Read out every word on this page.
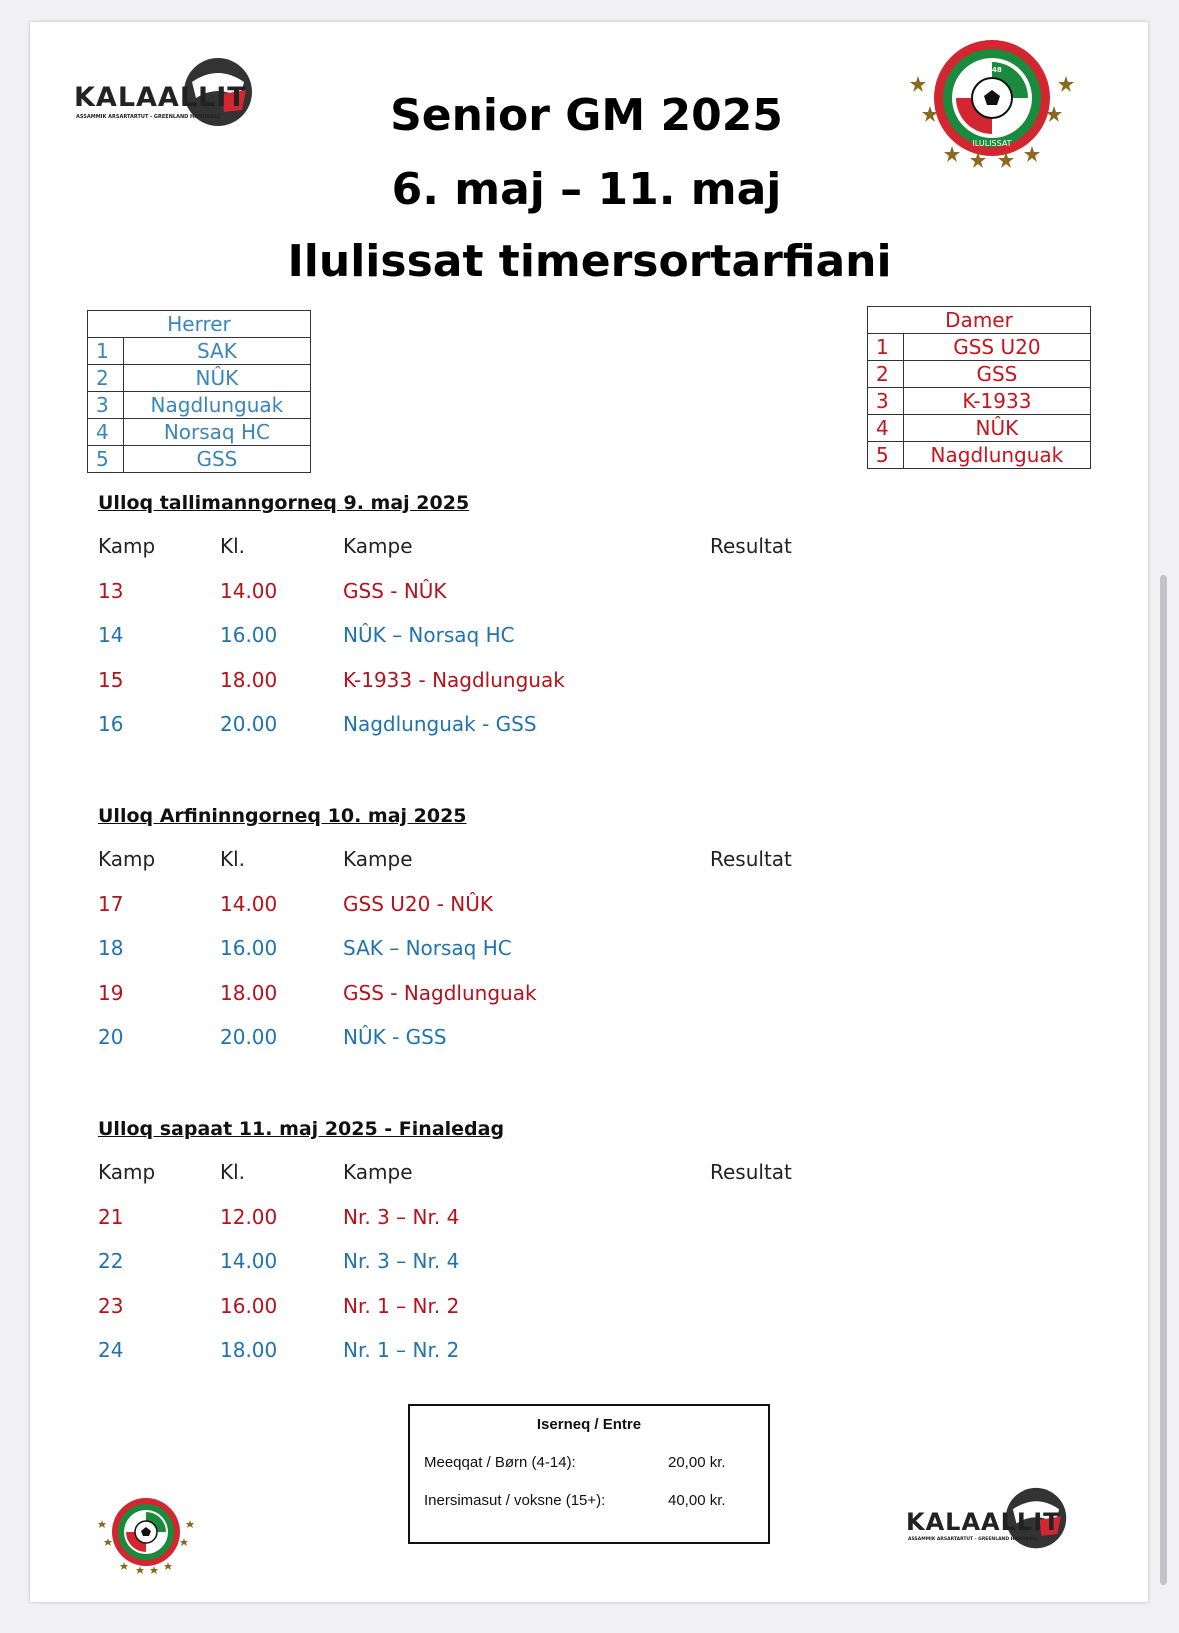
KALAALLIT
ASSAMMIK ARSARTARTUT - GREENLAND HANDBALL
1948
ILULISSAT
Senior GM 2025
6. maj – 11. maj
Ilulissat timersortarfiani
Herrer	
1	SAK
2	NÛK
3	Nagdlunguak
4	Norsaq HC
5	GSS
Damer	
1	GSS U20
2	GSS
3	K-1933
4	NÛK
5	Nagdlunguak
Ulloq tallimanngorneq 9. maj 2025
Kamp	Kl.	Kampe	Resultat
13	14.00	GSS - NÛK
14	16.00	NÛK – Norsaq HC
15	18.00	K-1933 - Nagdlunguak
16	20.00	Nagdlunguak - GSS
Ulloq Arfininngorneq 10. maj 2025
Kamp	Kl.	Kampe	Resultat
17	14.00	GSS U20 - NÛK
18	16.00	SAK – Norsaq HC
19	18.00	GSS - Nagdlunguak
20	20.00	NÛK - GSS
Ulloq sapaat 11. maj 2025 - Finaledag
Kamp	Kl.	Kampe	Resultat
21	12.00	Nr. 3 – Nr. 4
22	14.00	Nr. 3 – Nr. 4
23	16.00	Nr. 1 – Nr. 2
24	18.00	Nr. 1 – Nr. 2
Iserneq / Entre
Meeqqat / Børn (4-14):	20,00 kr.
Inersimasut / voksne (15+):	40,00 kr.
KALAALLIT
ASSAMMIK ARSARTARTUT - GREENLAND HANDBALL
